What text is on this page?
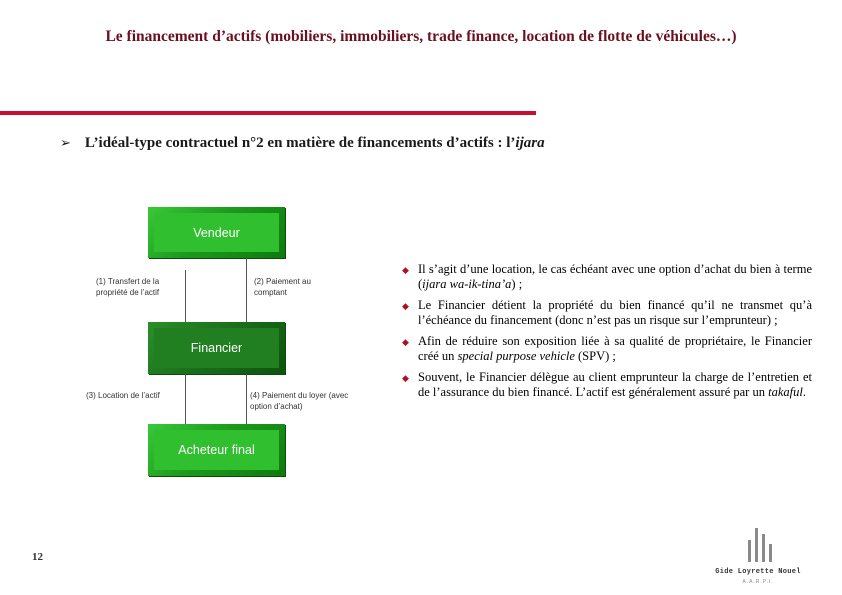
Le financement d’actifs (mobiliers, immobiliers, trade finance, location de flotte de véhicules…)
➢ L’idéal-type contractuel n°2 en matière de financements d’actifs : l’ijara
Vendeur
Financier
Acheteur final
(1) Transfert de la propriété de l’actif
(2) Paiement au comptant
(3) Location de l’actif	(4) Paiement du loyer (avec option d’achat)
◆ Il s’agit d’une location, le cas échéant avec une option d’achat du bien à terme (ijara wa-ik-tina’a) ;
◆ Le Financier détient la propriété du bien financé qu’il ne transmet qu’à l’échéance du financement (donc n’est pas un risque sur l’emprunteur) ;
◆ Afin de réduire son exposition liée à sa qualité de propriétaire, le Financier créé un special purpose vehicle (SPV) ;
◆ Souvent, le Financier délègue au client emprunteur la charge de l’entretien et de l’assurance du bien financé. L’actif est généralement assuré par un takaful.
12
Gide Loyrette Nouel
A.A.R.P.I.
